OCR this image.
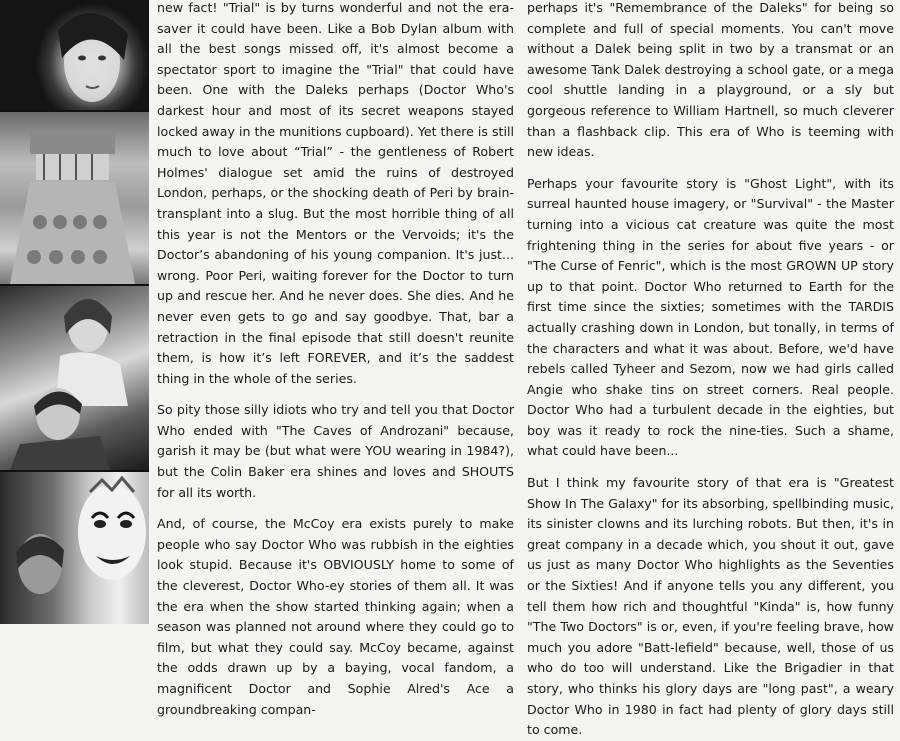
new fact! "Trial" is by turns wonderful and not the era-saver it could have been. Like a Bob Dylan album with all the best songs missed off, it's almost become a spectator sport to imagine the "Trial" that could have been. One with the Daleks perhaps (Doctor Who's darkest hour and most of its secret weapons stayed locked away in the munitions cupboard). Yet there is still much to love about “Trial” - the gentleness of Robert Holmes' dialogue set amid the ruins of destroyed London, perhaps, or the shocking death of Peri by brain-transplant into a slug. But the most horrible thing of all this year is not the Mentors or the Vervoids; it's the Doctor’s abandoning of his young companion. It's just... wrong. Poor Peri, waiting forever for the Doctor to turn up and rescue her. And he never does. She dies. And he never even gets to go and say goodbye. That, bar a retraction in the final episode that still doesn't reunite them, is how it’s left FOREVER, and it’s the saddest thing in the whole of the series.

So pity those silly idiots who try and tell you that Doctor Who ended with "The Caves of Androzani" because, garish it may be (but what were YOU wearing in 1984?), but the Colin Baker era shines and loves and SHOUTS for all its worth.

And, of course, the McCoy era exists purely to make people who say Doctor Who was rubbish in the eighties look stupid. Because it's OBVIOUSLY home to some of the cleverest, Doctor Who-ey stories of them all. It was the era when the show started thinking again; when a season was planned not around where they could go to film, but what they could say. McCoy became, against the odds drawn up by a baying, vocal fandom, a magnificent Doctor and Sophie Alred's Ace a groundbreaking compan-

perhaps it's "Remembrance of the Daleks" for being so complete and full of special moments. You can't move without a Dalek being split in two by a transmat or an awesome Tank Dalek destroying a school gate, or a mega cool shuttle landing in a playground, or a sly but gorgeous reference to William Hartnell, so much cleverer than a flashback clip. This era of Who is teeming with new ideas.

Perhaps your favourite story is "Ghost Light", with its surreal haunted house imagery, or "Survival" - the Master turning into a vicious cat creature was quite the most frightening thing in the series for about five years - or "The Curse of Fenric", which is the most GROWN UP story up to that point. Doctor Who returned to Earth for the first time since the sixties; sometimes with the TARDIS actually crashing down in London, but tonally, in terms of the characters and what it was about. Before, we'd have rebels called Tyheer and Sezom, now we had girls called Angie who shake tins on street corners. Real people. Doctor Who had a turbulent decade in the eighties, but boy was it ready to rock the nine-ties. Such a shame, what could have been...

But I think my favourite story of that era is "Greatest Show In The Galaxy" for its absorbing, spellbinding music, its sinister clowns and its lurching robots. But then, it's in great company in a decade which, you shout it out, gave us just as many Doctor Who highlights as the Seventies or the Sixties! And if anyone tells you any different, you tell them how rich and thoughtful "Kinda" is, how funny "The Two Doctors" is or, even, if you're feeling brave, how much you adore "Batt-lefield" because, well, those of us who do too will understand. Like the Brigadier in that story, who thinks his glory days are "long past", a weary Doctor Who in 1980 in fact had plenty of glory days still to come.
